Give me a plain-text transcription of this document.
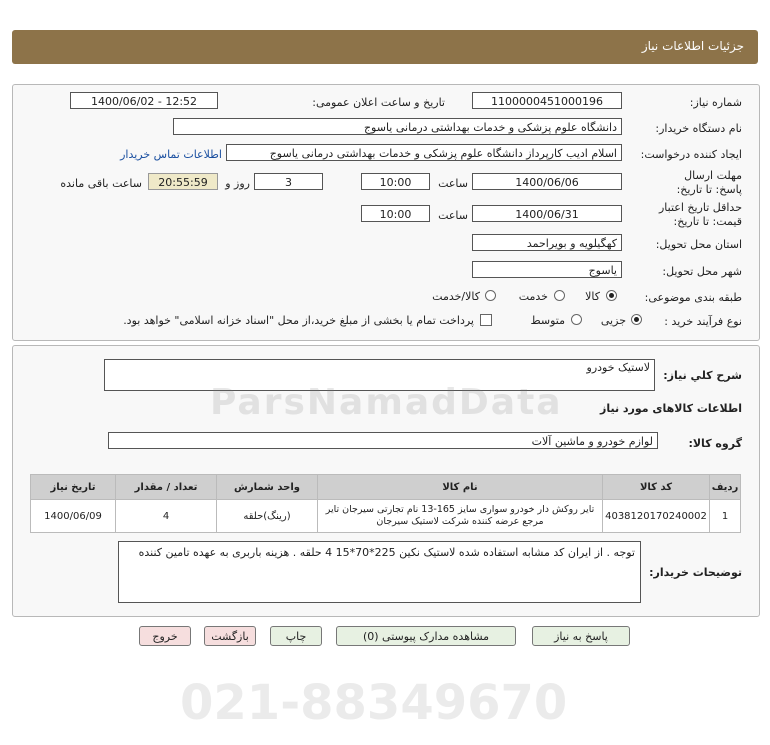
جزئیات اطلاعات نیاز
شماره نیاز:
1100000451000196
تاریخ و ساعت اعلان عمومی:
1400/06/02 - 12:52
نام دستگاه خريدار:
دانشگاه علوم پزشکی و خدمات بهداشتی درمانی یاسوج
ایجاد کننده درخواست:
اسلام ادیب کارپرداز دانشگاه علوم پزشکی و خدمات بهداشتی درمانی یاسوج
اطلاعات تماس خریدار
مهلت ارسال پاسخ: تا تاریخ:
1400/06/06
ساعت
10:00
3
روز و
20:55:59
ساعت باقی مانده
حداقل تاریخ اعتبار قیمت: تا تاریخ:
1400/06/31
ساعت
10:00
استان محل تحویل:
کهگیلویه و بویراحمد
شهر محل تحویل:
یاسوج
طبقه بندی موضوعی:
کالا
خدمت
کالا/خدمت
نوع فرآیند خرید :
جزیی
متوسط
پرداخت تمام یا بخشی از مبلغ خرید،از محل "اسناد خزانه اسلامی" خواهد بود.
شرح کلي نیاز:
لاستیک خودرو
اطلاعات کالاهای مورد نیاز
گروه کالا:
لوازم خودرو و ماشین آلات
تاریخ نیاز	تعداد / مقدار	واحد شمارش	نام کالا	کد کالا	ردیف
1400/06/09	4	(رینگ)حلقه	تایر روکش دار خودرو سواری سایز 165-13 نام تجارتی سیرجان تایر مرجع عرضه کننده شرکت لاستیک سیرجان	4038120170240002	1
توضیحات خریدار:
توجه . از ایران کد مشابه استفاده شده لاستیک نکین 225*70*15 4 حلقه . هزینه باربری به عهده تامین کننده
پاسخ به نیاز
مشاهده مدارک پیوستی (0)
چاپ
بازگشت
خروج
021-88349670
